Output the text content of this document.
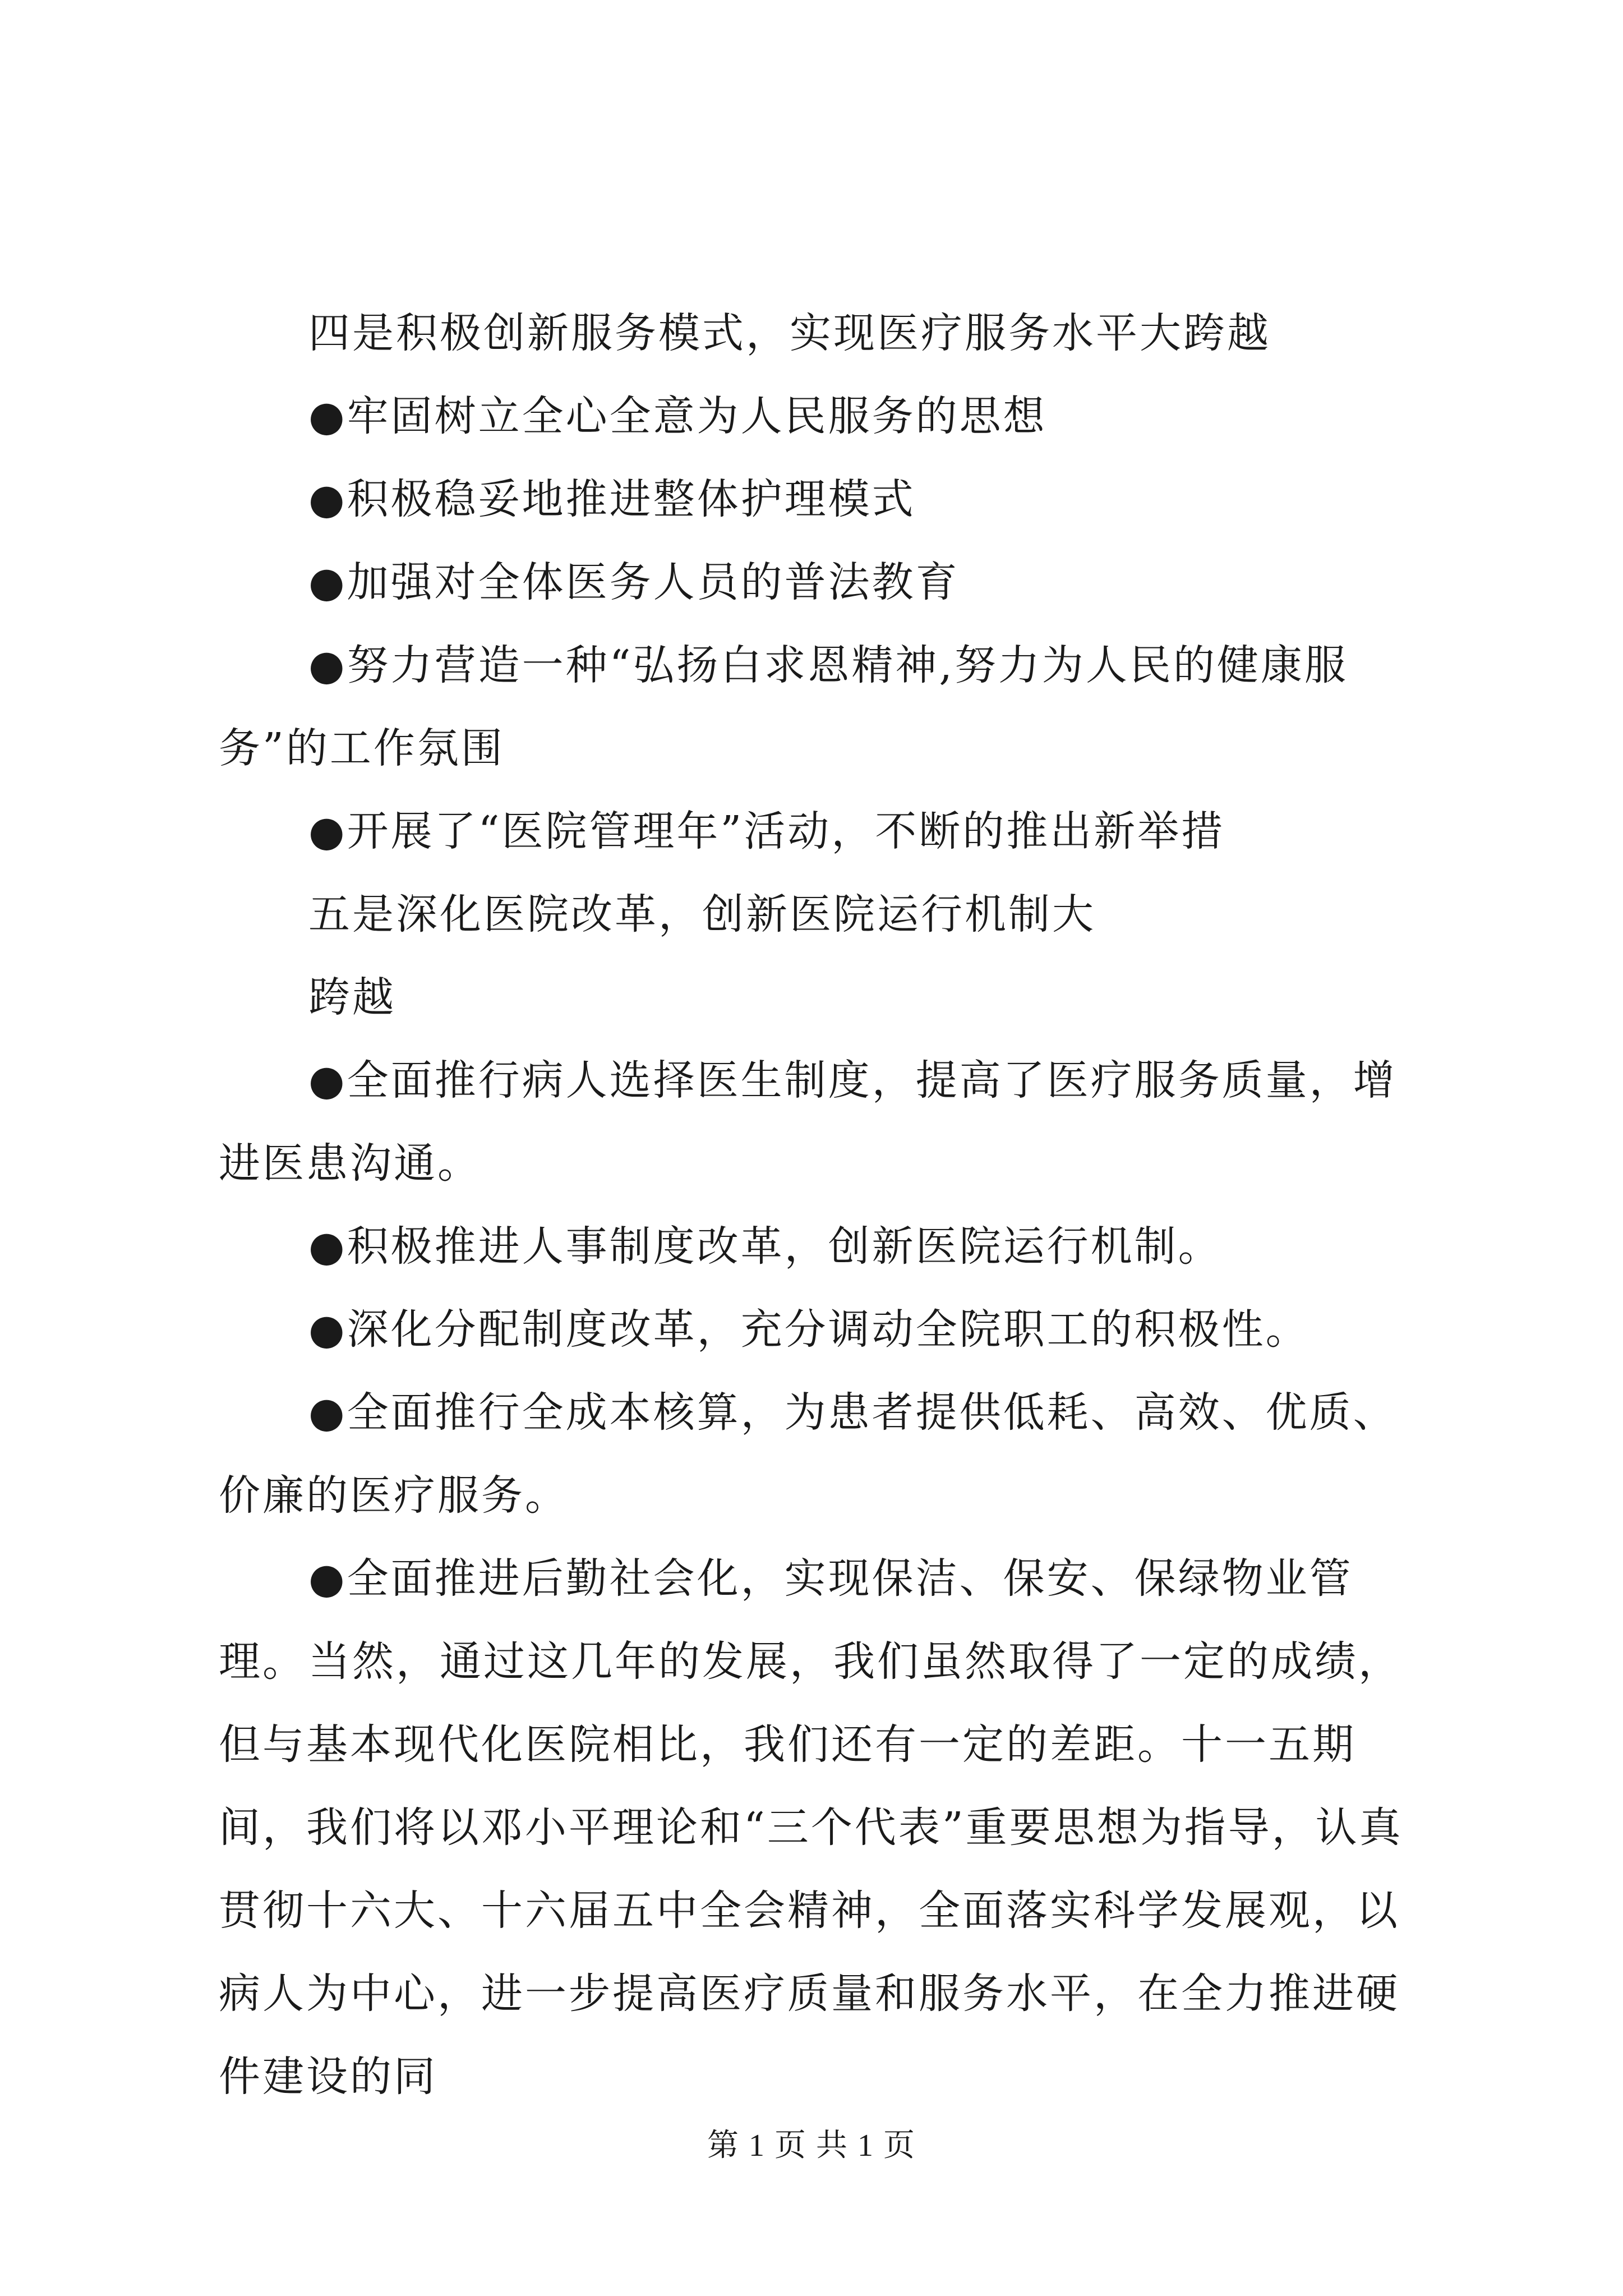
四是积极创新服务模式，实现医疗服务水平大跨越

●牢固树立全心全意为人民服务的思想

●积极稳妥地推进整体护理模式

●加强对全体医务人员的普法教育

●努力营造一种“弘扬白求恩精神,努力为人民的健康服务”的工作氛围

●开展了“医院管理年”活动，不断的推出新举措

五是深化医院改革，创新医院运行机制大

跨越

●全面推行病人选择医生制度，提高了医疗服务质量，增进医患沟通。

●积极推进人事制度改革，创新医院运行机制。

●深化分配制度改革，充分调动全院职工的积极性。

●全面推行全成本核算，为患者提供低耗、高效、优质、价廉的医疗服务。

●全面推进后勤社会化，实现保洁、保安、保绿物业管理。 当然，通过这几年的发展，我们虽然取得了一定的成绩，但与基本现代化医院相比，我们还有一定的差距。十一五期间，我们将以邓小平理论和“三个代表”重要思想为指导，认真贯彻十六大、十六届五中全会精神，全面落实科学发展观，以病人为中心，进一步提高医疗质量和服务水平，在全力推进硬件建设的同

第 1 页 共 1 页
